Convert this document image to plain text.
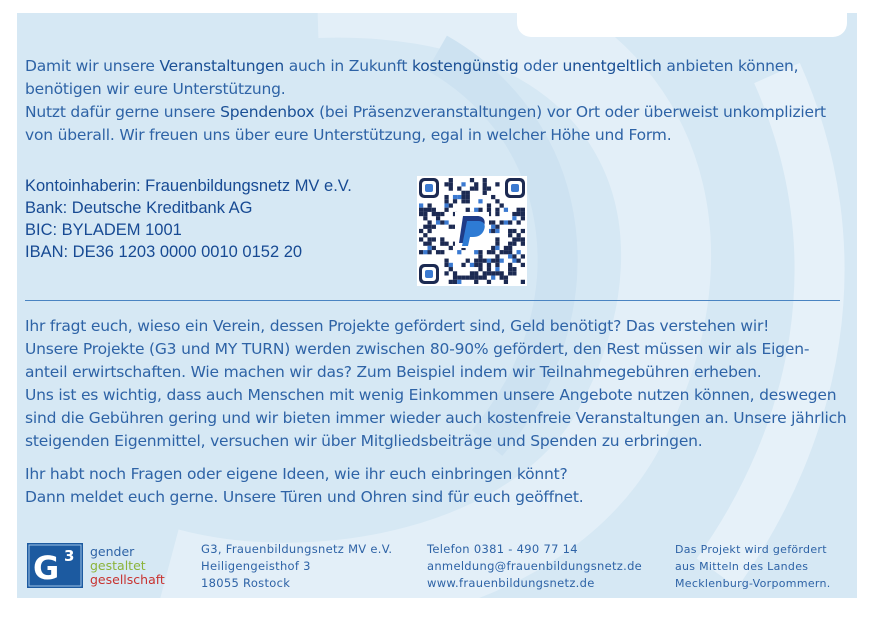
Damit wir unsere Veranstaltungen auch in Zukunft kostengünstig oder unentgeltlich anbieten können,

benötigen wir eure Unterstützung.

Nutzt dafür gerne unsere Spendenbox (bei Präsenzveranstaltungen) vor Ort oder überweist unkompliziert

von überall. Wir freuen uns über eure Unterstützung, egal in welcher Höhe und Form.

Kontoinhaberin: Frauenbildungsnetz MV e.V.
Bank: Deutsche Kreditbank AG
BIC: BYLADEM 1001
IBAN: DE36 1203 0000 0010 0152 20

Ihr fragt euch, wieso ein Verein, dessen Projekte gefördert sind, Geld benötigt? Das verstehen wir!

Unsere Projekte (G3 und MY TURN) werden zwischen 80-90% gefördert, den Rest müssen wir als Eigen-

anteil erwirtschaften. Wie machen wir das? Zum Beispiel indem wir Teilnahmegebühren erheben.

Uns ist es wichtig, dass auch Menschen mit wenig Einkommen unsere Angebote nutzen können, deswegen

sind die Gebühren gering und wir bieten immer wieder auch kostenfreie Veranstaltungen an. Unsere jährlich

steigenden Eigenmittel, versuchen wir über Mitgliedsbeiträge und Spenden zu erbringen.

Ihr habt noch Fragen oder eigene Ideen, wie ihr euch einbringen könnt?

Dann meldet euch gerne. Unsere Türen und Ohren sind für euch geöffnet.

G 3 gender
gestaltet
gesellschaft
G3, Frauenbildungsnetz MV e.V.
Heiligengeisthof 3
18055 Rostock
Telefon 0381 - 490 77 14
anmeldung@frauenbildungsnetz.de
www.frauenbildungsnetz.de
Das Projekt wird gefördert
aus Mitteln des Landes
Mecklenburg-Vorpommern.
